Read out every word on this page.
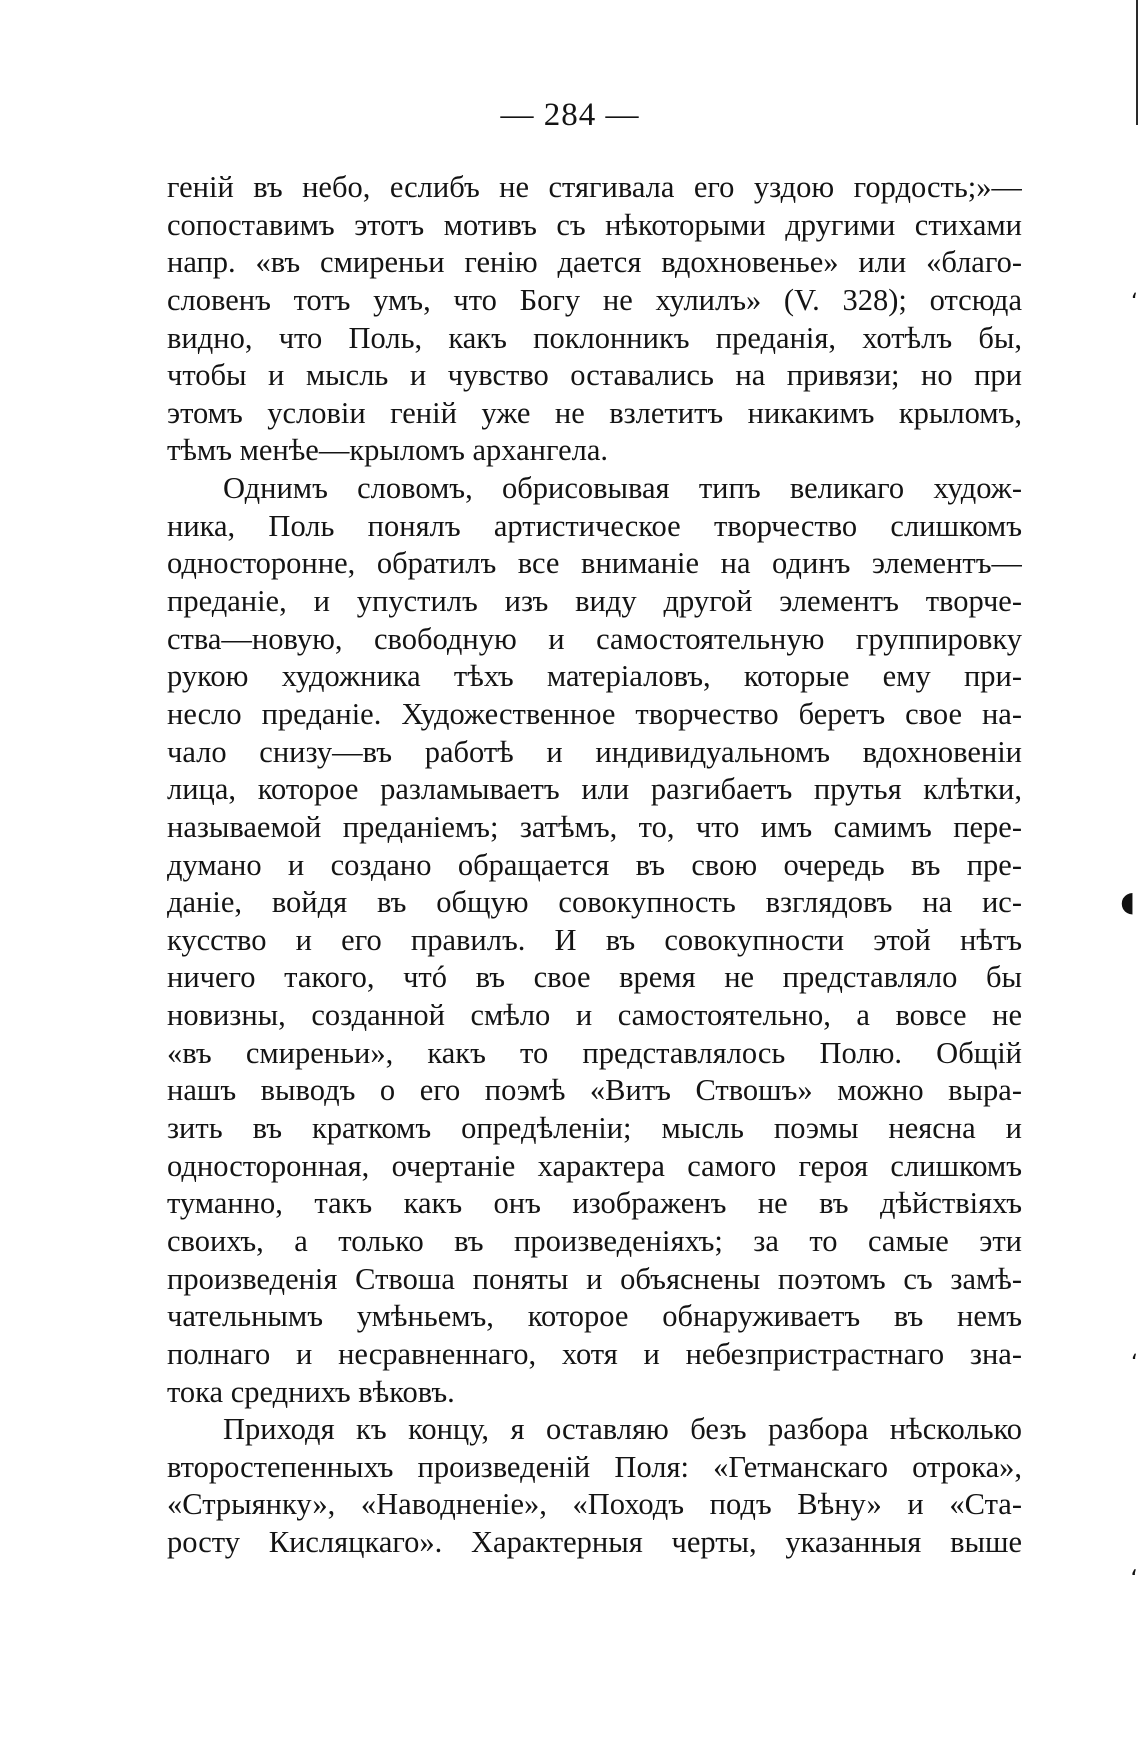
— 284 —
геній въ небо, еслибъ не стягивала его уздою гордость;»—
сопоставимъ этотъ мотивъ съ нѣкоторыми другими стихами
напр. «въ смиреньи генію дается вдохновенье» или «благо-
словенъ тотъ умъ, что Богу не хулилъ» (V. 328); отсюда
видно, что Поль, какъ поклонникъ преданія, хотѣлъ бы,
чтобы и мысль и чувство оставались на привязи; но при
этомъ условіи геній уже не взлетитъ никакимъ крыломъ,
тѣмъ менѣе—крыломъ архангела.
Однимъ словомъ, обрисовывая типъ великаго худож-
ника, Поль понялъ артистическое творчество слишкомъ
односторонне, обратилъ все вниманіе на одинъ элементъ—
преданіе, и упустилъ изъ виду другой элементъ творче-
ства—новую, свободную и самостоятельную группировку
рукою художника тѣхъ матеріаловъ, которые ему при-
несло преданіе. Художественное творчество беретъ свое на-
чало снизу—въ работѣ и индивидуальномъ вдохновеніи
лица, которое разламываетъ или разгибаетъ прутья клѣтки,
называемой преданіемъ; затѣмъ, то, что имъ самимъ пере-
думано и создано обращается въ свою очередь въ пре-
даніе, войдя въ общую совокупность взглядовъ на ис-
кусство и его правилъ. И въ совокупности этой нѣтъ
ничего такого, чтó въ свое время не представляло бы
новизны, созданной смѣло и самостоятельно, а вовсе не
«въ смиреньи», какъ то представлялось Полю. Общій
нашъ выводъ о его поэмѣ «Витъ Ствошъ» можно выра-
зить въ краткомъ опредѣленіи; мысль поэмы неясна и
односторонная, очертаніе характера самого героя слишкомъ
туманно, такъ какъ онъ изображенъ не въ дѣйствіяхъ
своихъ, а только въ произведеніяхъ; за то самые эти
произведенія Ствоша поняты и объяснены поэтомъ съ замѣ-
чательнымъ умѣньемъ, которое обнаруживаетъ въ немъ
полнаго и несравненнаго, хотя и небезпристрастнаго зна-
тока среднихъ вѣковъ.
Приходя къ концу, я оставляю безъ разбора нѣсколько
второстепенныхъ произведеній Поля: «Гетманскаго отрока»,
«Стрыянку», «Наводненіе», «Походъ подъ Вѣну» и «Ста-
росту Кисляцкаго». Характерныя черты, указанныя выше
ʻ
◖
ʻ
ʻ
